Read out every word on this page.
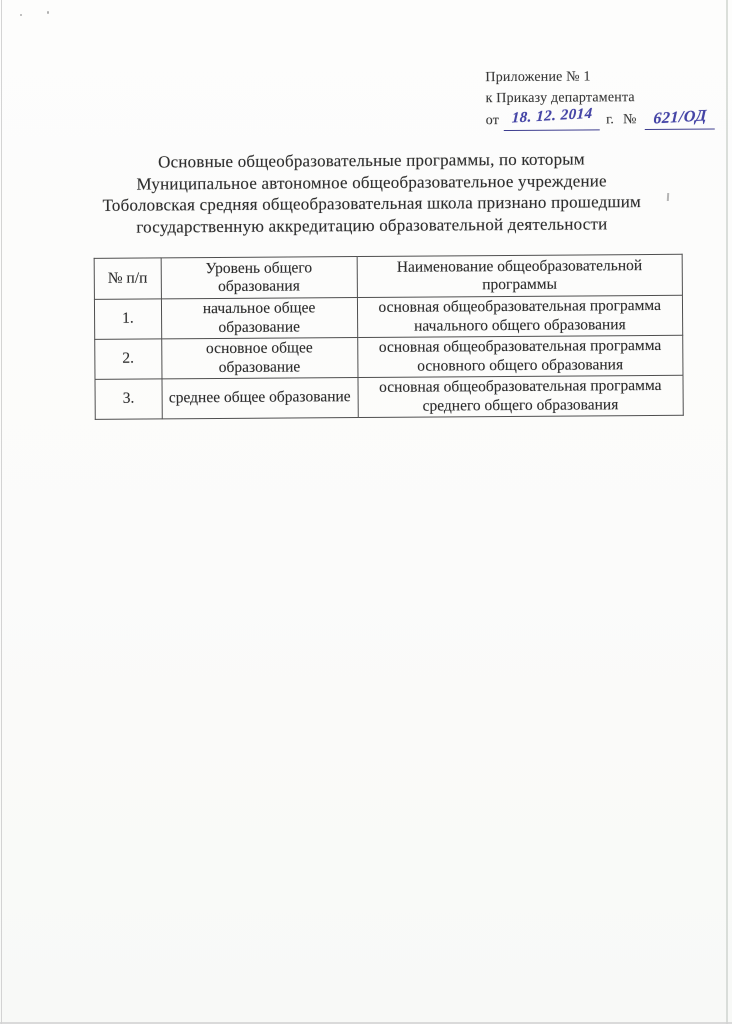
Приложение № 1
к Приказу департамента
от 18. 12. 2014 г. №	621/ОД
Основные общеобразовательные программы, по которым
Муниципальное автономное общеобразовательное учреждение
Тоболовская средняя общеобразовательная школа признано прошедшим
государственную аккредитацию образовательной деятельности
№ п/п	Уровень общего образования	Наименование общеобразовательной программы
1.	начальное общее образование	основная общеобразовательная программа начального общего образования
2.	основное общее образование	основная общеобразовательная программа основного общего образования
3.	среднее общее образование	основная общеобразовательная программа среднего общего образования
